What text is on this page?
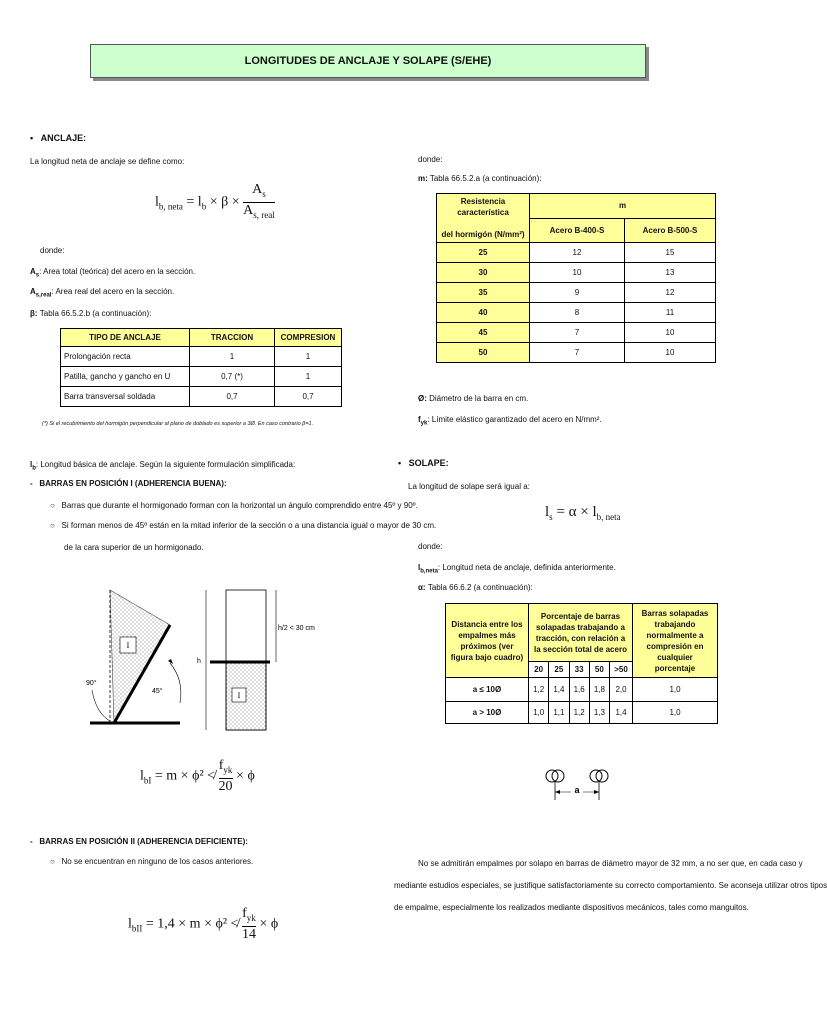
LONGITUDES DE ANCLAJE Y SOLAPE (S/EHE)
• ANCLAJE:
La longitud neta de anclaje se define como:
$l_{b, neta} = l_b \times \beta \times \frac{A_s}{A_{s, real}}$
donde:
$A_s$: Area total (teórica) del acero en la sección.
$A_{s,real}$: Area real del acero en la sección.
β: Tabla 66.5.2.b (a continuación):
TIPO DE ANCLAJE	TRACCION	COMPRESION
Prolongación recta	1	1
Patilla, gancho y gancho en U	0,7 (*)	1
Barra transversal soldada	0,7	0,7
(*) Si el recubrimiento del hormigón perpendicular al plano de doblado es superior a 3Ø. En caso contrario β=1.
$l_b$: Longitud básica de anclaje. Según la siguiente formulación simplificada:
- BARRAS EN POSICIÓN I (ADHERENCIA BUENA):
○ Barras que durante el hormigonado forman con la horizontal un ángulo comprendido entre 45º y 90º.
○ Si forman menos de 45º están en la mitad inferior de la sección o a una distancia igual o mayor de 30 cm.
de la cara superior de un hormigonado.
I
90°
45°	I
h
h/2 < 30 cm
$l_{bI} = m \times \phi^2$ ≮ $\frac{f_{yk}}{20} \times \phi$
- BARRAS EN POSICIÓN II (ADHERENCIA DEFICIENTE):
○ No se encuentran en ninguno de los casos anteriores.
$l_{bII} = 1,4 \times m \times \phi^2$ ≮ $\frac{f_{yk}}{14} \times \phi$
donde:
m: Tabla 66.5.2.a (a continuación):
Resistencia característica

del hormigón (N/mm²)	m	
	Acero B-400-S	Acero B-500-S
25	12	15
30	10	13
35	9	12
40	8	11
45	7	10
50	7	10
Ø: Diámetro de la barra en cm.
$f_{yk}$: Límite elástico garantizado del acero en N/mm².
• SOLAPE:
La longitud de solape será igual a:
$l_s = \alpha \times l_{b, neta}$
donde:
$l_{b,neta}$: Longitud neta de anclaje, definida anteriormente.
α: Tabla 66.6.2 (a continuación):
Distancia entre los empalmes más próximos (ver figura bajo cuadro)	Porcentaje de barras solapadas trabajando a tracción, con relación a la sección total de acero					Barras solapadas trabajando normalmente a compresión en cualquier porcentaje
	20	25	33	50	>50	
a ≤ 10Ø	1,2	1,4	1,6	1,8	2,0	1,0
a > 10Ø	1,0	1,1	1,2	1,3	1,4	1,0
a
No se admitirán empalmes por solapo en barras de diámetro mayor de 32 mm, a no ser que, en cada caso y
mediante estudios especiales, se justifique satisfactoriamente su correcto comportamiento. Se aconseja utilizar otros tipos
de empalme, especialmente los realizados mediante dispositivos mecánicos, tales como manguitos.
